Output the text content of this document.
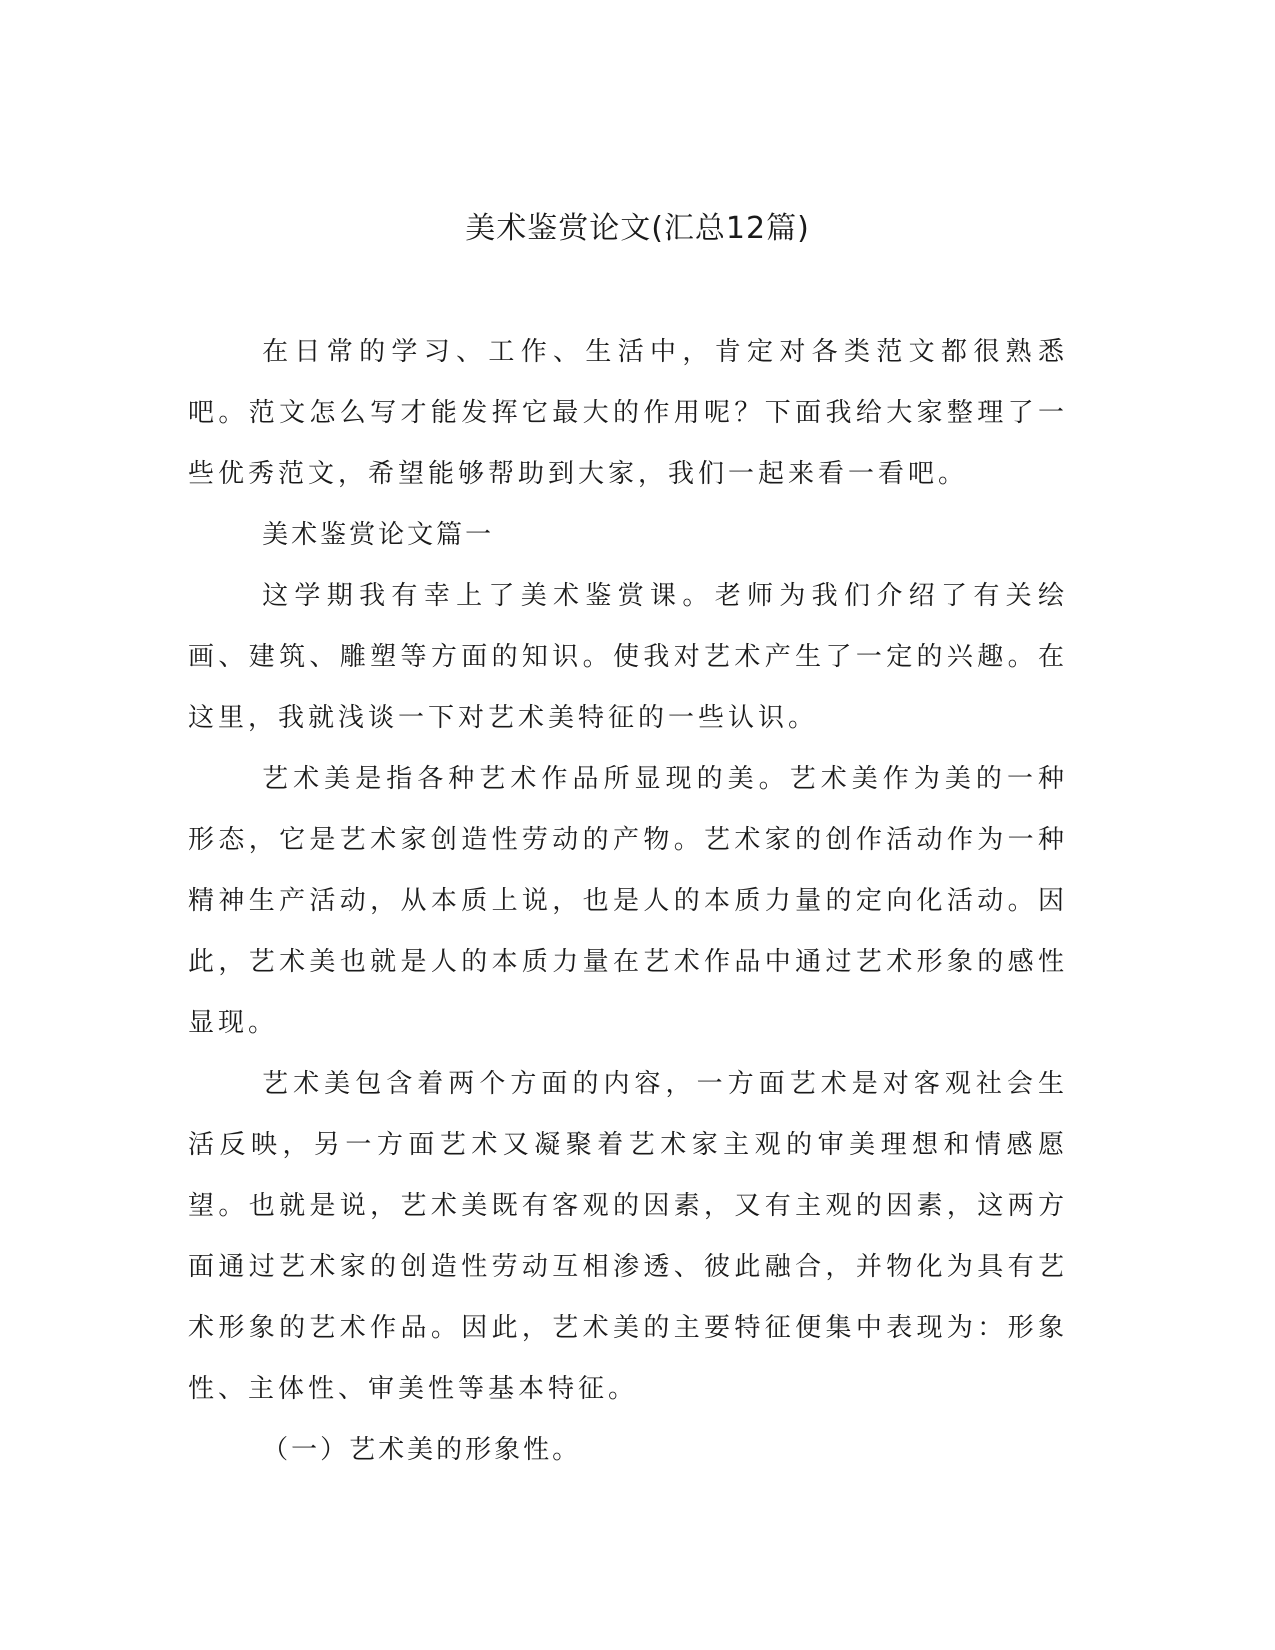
美术鉴赏论文(汇总12篇)

在日常的学习、工作、生活中，肯定对各类范文都很熟悉吧。范文怎么写才能发挥它最大的作用呢？下面我给大家整理了一些优秀范文，希望能够帮助到大家，我们一起来看一看吧。

美术鉴赏论文篇一

这学期我有幸上了美术鉴赏课。老师为我们介绍了有关绘画、建筑、雕塑等方面的知识。使我对艺术产生了一定的兴趣。在这里，我就浅谈一下对艺术美特征的一些认识。

艺术美是指各种艺术作品所显现的美。艺术美作为美的一种形态，它是艺术家创造性劳动的产物。艺术家的创作活动作为一种精神生产活动，从本质上说，也是人的本质力量的定向化活动。因此，艺术美也就是人的本质力量在艺术作品中通过艺术形象的感性显现。

艺术美包含着两个方面的内容，一方面艺术是对客观社会生活反映，另一方面艺术又凝聚着艺术家主观的审美理想和情感愿望。也就是说，艺术美既有客观的因素，又有主观的因素，这两方面通过艺术家的创造性劳动互相渗透、彼此融合，并物化为具有艺术形象的艺术作品。因此，艺术美的主要特征便集中表现为：形象性、主体性、审美性等基本特征。

（一）艺术美的形象性。
